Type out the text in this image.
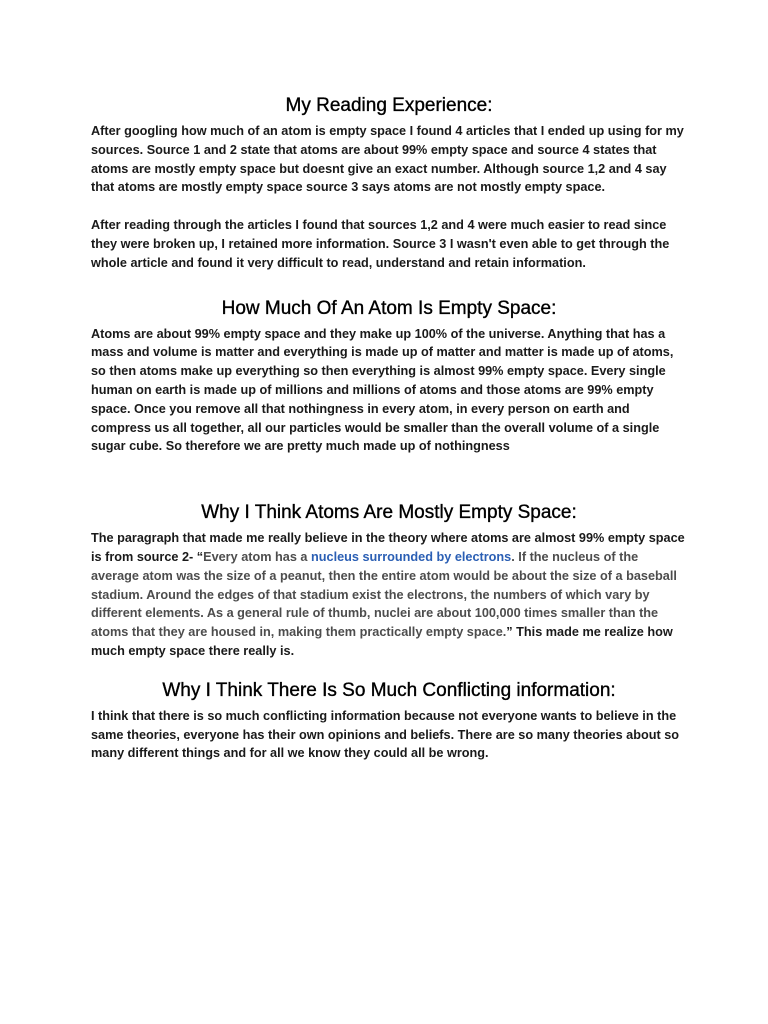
My Reading Experience:

After googling how much of an atom is empty space I found 4 articles that I ended up using for my sources. Source 1 and 2 state that atoms are about 99% empty space and source 4 states that atoms are mostly empty space but doesnt give an exact number. Although source 1,2 and 4 say that atoms are mostly empty space source 3 says atoms are not mostly empty space.

After reading through the articles I found that sources 1,2 and 4 were much easier to read since they were broken up, I retained more information. Source 3 I wasn't even able to get through the whole article and found it very difficult to read, understand and retain information.

How Much Of An Atom Is Empty Space:

Atoms are about 99% empty space and they make up 100% of the universe. Anything that has a mass and volume is matter and everything is made up of matter and matter is made up of atoms, so then atoms make up everything so then everything is almost 99% empty space. Every single human on earth is made up of millions and millions of atoms and those atoms are 99% empty space. Once you remove all that nothingness in every atom, in every person on earth and compress us all together, all our particles would be smaller than the overall volume of a single sugar cube. So therefore we are pretty much made up of nothingness

Why I Think Atoms Are Mostly Empty Space:

The paragraph that made me really believe in the theory where atoms are almost 99% empty space is from source 2- “Every atom has a nucleus surrounded by electrons. If the nucleus of the average atom was the size of a peanut, then the entire atom would be about the size of a baseball stadium. Around the edges of that stadium exist the electrons, the numbers of which vary by different elements. As a general rule of thumb, nuclei are about 100,000 times smaller than the atoms that they are housed in, making them practically empty space.” This made me realize how much empty space there really is.

Why I Think There Is So Much Conflicting information:

I think that there is so much conflicting information because not everyone wants to believe in the same theories, everyone has their own opinions and beliefs. There are so many theories about so many different things and for all we know they could all be wrong.
